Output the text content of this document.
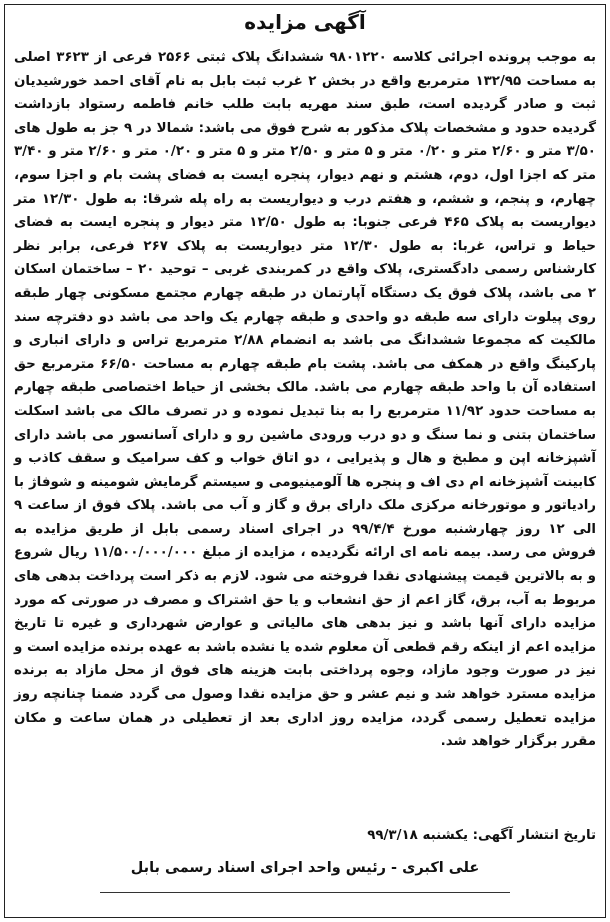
آگهی مزایده
به موجب پرونده اجرائی کلاسه ۹۸۰۱۲۲۰ ششدانگ پلاک ثبتی ۲۵۶۶ فرعی از ۳۶۲۳ اصلی به مساحت ۱۳۲/۹۵ مترمربع واقع در بخش ۲ غرب ثبت بابل به نام آقای احمد خورشیدیان ثبت و صادر گردیده است، طبق سند مهریه بابت طلب خانم فاطمه رستواد بازداشت گردیده حدود و مشخصات پلاک مذکور به شرح فوق می باشد: شمالا در ۹ جز به طول های ۳/۵۰ متر و ۲/۶۰ متر و ۰/۲۰ متر و ۵ متر و ۲/۵۰ متر و ۵ متر و ۰/۲۰ متر و ۲/۶۰ متر و ۳/۴۰ متر که اجزا اول، دوم، هشتم و نهم دیوار، پنجره ایست به فضای پشت بام و اجزا سوم، چهارم، و پنجم، و ششم، و هفتم درب و دیواریست به راه پله شرقا: به طول ۱۲/۳۰ متر دیواریست به پلاک ۴۶۵ فرعی جنوبا: به طول ۱۲/۵۰ متر دیوار و پنجره ایست به فضای حیاط و تراس، غربا: به طول ۱۲/۳۰ متر دیواریست به پلاک ۲۶۷ فرعی، برابر نظر کارشناس رسمی دادگستری، پلاک واقع در کمربندی غربی – توحید ۲۰ – ساختمان اسکان ۲ می باشد، پلاک فوق یک دستگاه آپارتمان در طبقه چهارم مجتمع مسکونی چهار طبقه روی پیلوت دارای سه طبقه دو واحدی و طبقه چهارم یک واحد می باشد دو دفترچه سند مالکیت که مجموعا ششدانگ می باشد به انضمام ۲/۸۸ مترمربع تراس و دارای انباری و پارکینگ واقع در همکف می باشد. پشت بام طبقه چهارم به مساحت ۶۶/۵۰ مترمربع حق استفاده آن با واحد طبقه چهارم می باشد. مالک بخشی از حیاط اختصاصی طبقه چهارم به مساحت حدود ۱۱/۹۲ مترمربع را به بنا تبدیل نموده و در تصرف مالک می باشد اسکلت ساختمان بتنی و نما سنگ و دو درب ورودی ماشین رو و دارای آسانسور می باشد دارای آشپزخانه اپن و مطبخ و هال و پذیرایی ، دو اتاق خواب و کف سرامیک و سقف کاذب و کابینت آشپزخانه ام دی اف و پنجره ها آلومینیومی و سیستم گرمایش شومینه و شوفاژ با رادیاتور و موتورخانه مرکزی ملک دارای برق و گاز و آب می باشد. پلاک فوق از ساعت ۹ الی ۱۲ روز چهارشنبه مورخ ۹۹/۴/۴ در اجرای اسناد رسمی بابل از طریق مزایده به فروش می رسد. بیمه نامه ای ارائه نگردیده ، مزایده از مبلغ ۱۱/۵۰۰/۰۰۰/۰۰۰ ریال شروع و به بالاترین قیمت پیشنهادی نقدا فروخته می شود. لازم به ذکر است پرداخت بدهی های مربوط به آب، برق، گاز اعم از حق انشعاب و یا حق اشتراک و مصرف در صورتی که مورد مزایده دارای آنها باشد و نیز بدهی های مالیاتی و عوارض شهرداری و غیره تا تاریخ مزایده اعم از اینکه رقم قطعی آن معلوم شده یا نشده باشد به عهده برنده مزایده است و نیز در صورت وجود مازاد، وجوه پرداختی بابت هزینه های فوق از محل مازاد به برنده مزایده مسترد خواهد شد و نیم عشر و حق مزایده نقدا وصول می گردد ضمنا چنانچه روز مزایده تعطیل رسمی گردد، مزایده روز اداری بعد از تعطیلی در همان ساعت و مکان مقرر برگزار خواهد شد.
تاریخ انتشار آگهی: یکشنبه ۹۹/۳/۱۸
علی اکبری - رئیس واحد اجرای اسناد رسمی بابل
